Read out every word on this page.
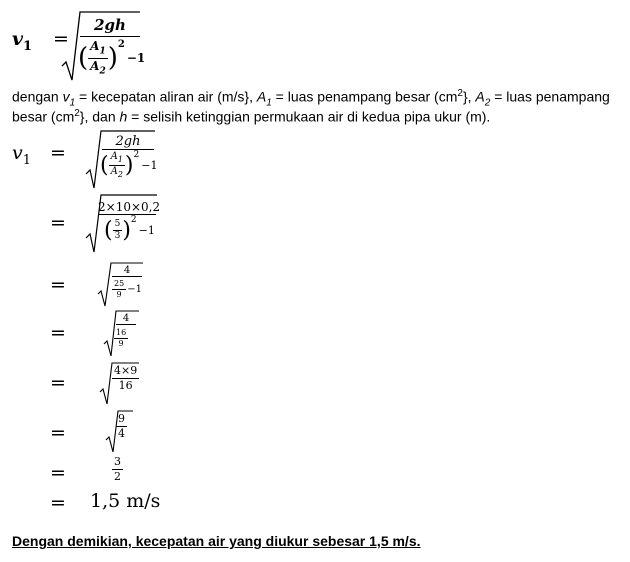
$v_1$ =
2gh
( $\frac{A_1}{A_2}$ ) 2
−1
dengan $v_1$ = kecepatan aliran air (m/s}, $A_1$ = luas penampang besar $(cm^2\}$, $A_2$ = luas penampang
besar $(cm^2\}$, dan h = selisih ketinggian permukaan air di kedua pipa ukur (m).
$v_1$ =
2gh
( $\frac{A_1}{A_2}$ ) 2
−1
=
2×10×0,2
( $\frac{5}{3}$ ) 2
−1
=
4
$\frac{25}{9} -1$
=
4
$\frac{16}{9}$
=	$\frac{4\times 9}{16}$
=	$\frac{9}{4}$
=	$\frac{3}{2}$
= 1,5 m/s
Dengan demikian, kecepatan air yang diukur sebesar 1,5 m/s.
